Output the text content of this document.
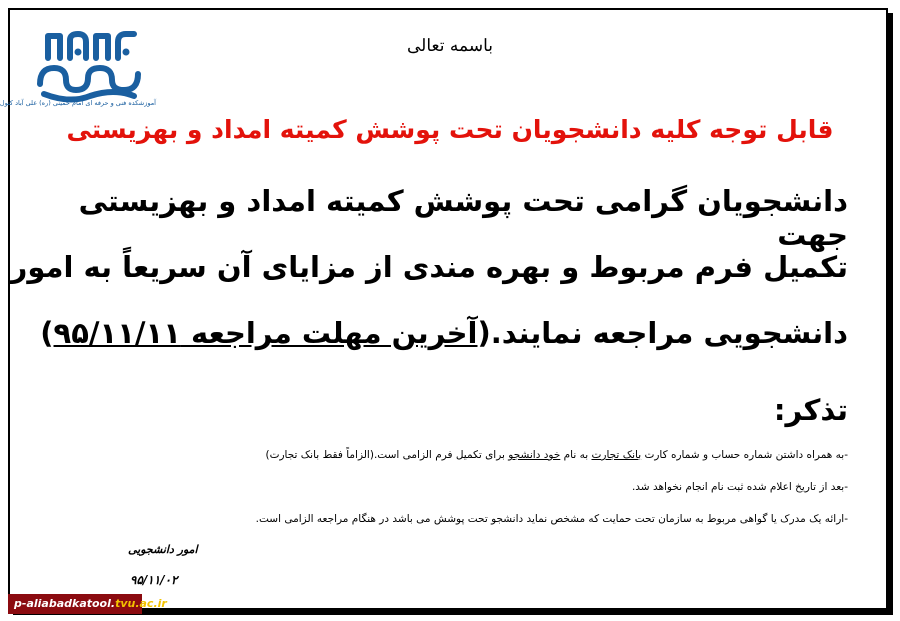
آموزشکده فنی و حرفه ای امام خمینی (ره) علی آباد کتول
باسمه تعالی
قابل توجه کلیه دانشجویان تحت پوشش کمیته امداد و بهزیستی
دانشجویان گرامی تحت پوشش کمیته امداد و بهزیستی جهت
تکمیل فرم مربوط و بهره مندی از مزایای آن سریعاً به امور
دانشجویی مراجعه نمایند.(آخرین مهلت مراجعه ۹۵/۱۱/۱۱)
تذکر:
-به همراه داشتن شماره حساب و شماره کارت بانک تجارت به نام خود دانشجو برای تکمیل فرم الزامی است.(الزاماً فقط بانک تجارت)
-بعد از تاریخ اعلام شده ثبت نام انجام نخواهد شد.
-ارائه یک مدرک یا گواهی مربوط به سازمان تحت حمایت که مشخص نماید دانشجو تحت پوشش می باشد در هنگام مراجعه الزامی است.
امور دانشجویی
۹۵/۱۱/۰۲
p-aliabadkatool.tvu.ac.ir
